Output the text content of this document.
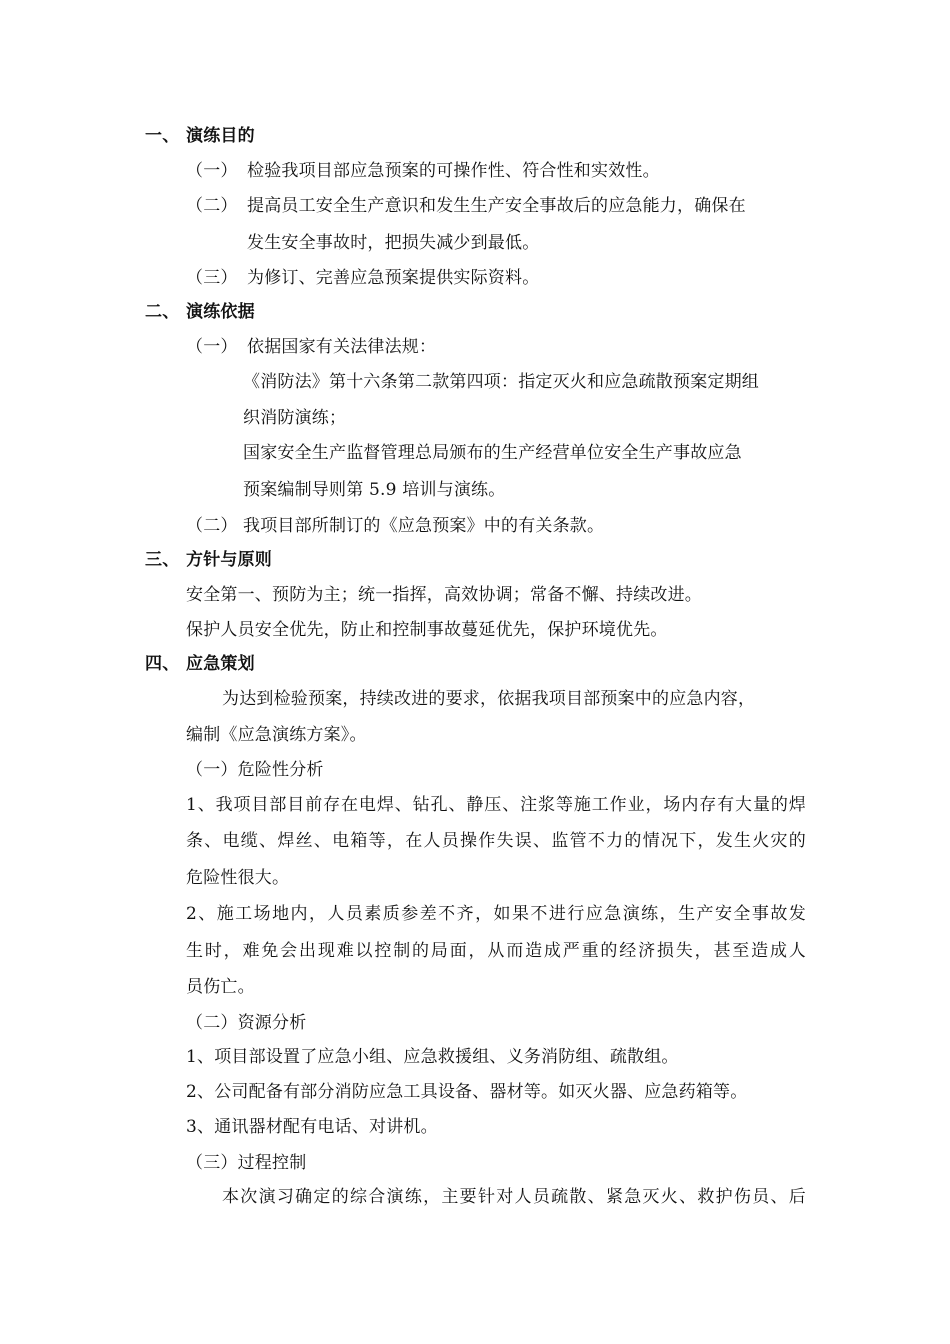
一、 演练目的
（一） 检验我项目部应急预案的可操作性、符合性和实效性。
（二） 提高员工安全生产意识和发生生产安全事故后的应急能力，确保在
发生安全事故时，把损失减少到最低。
（三） 为修订、完善应急预案提供实际资料。
二、 演练依据
（一） 依据国家有关法律法规：
《消防法》第十六条第二款第四项：指定灭火和应急疏散预案定期组
织消防演练；
国家安全生产监督管理总局颁布的生产经营单位安全生产事故应急
预案编制导则第 5.9 培训与演练。
（二） 我项目部所制订的《应急预案》中的有关条款。
三、 方针与原则
安全第一、预防为主；统一指挥，高效协调；常备不懈、持续改进。
保护人员安全优先，防止和控制事故蔓延优先，保护环境优先。
四、 应急策划
为达到检验预案，持续改进的要求，依据我项目部预案中的应急内容，
编制《应急演练方案》。
（一）危险性分析
1、我项目部目前存在电焊、钻孔、静压、注浆等施工作业，场内存有大量的焊
条、电缆、焊丝、电箱等，在人员操作失误、监管不力的情况下，发生火灾的
危险性很大。
2、施工场地内，人员素质参差不齐，如果不进行应急演练，生产安全事故发
生时，难免会出现难以控制的局面，从而造成严重的经济损失，甚至造成人
员伤亡。
（二）资源分析
1、项目部设置了应急小组、应急救援组、义务消防组、疏散组。
2、公司配备有部分消防应急工具设备、器材等。如灭火器、应急药箱等。
3、通讯器材配有电话、对讲机。
（三）过程控制
本次演习确定的综合演练，主要针对人员疏散、紧急灭火、救护伤员、后
